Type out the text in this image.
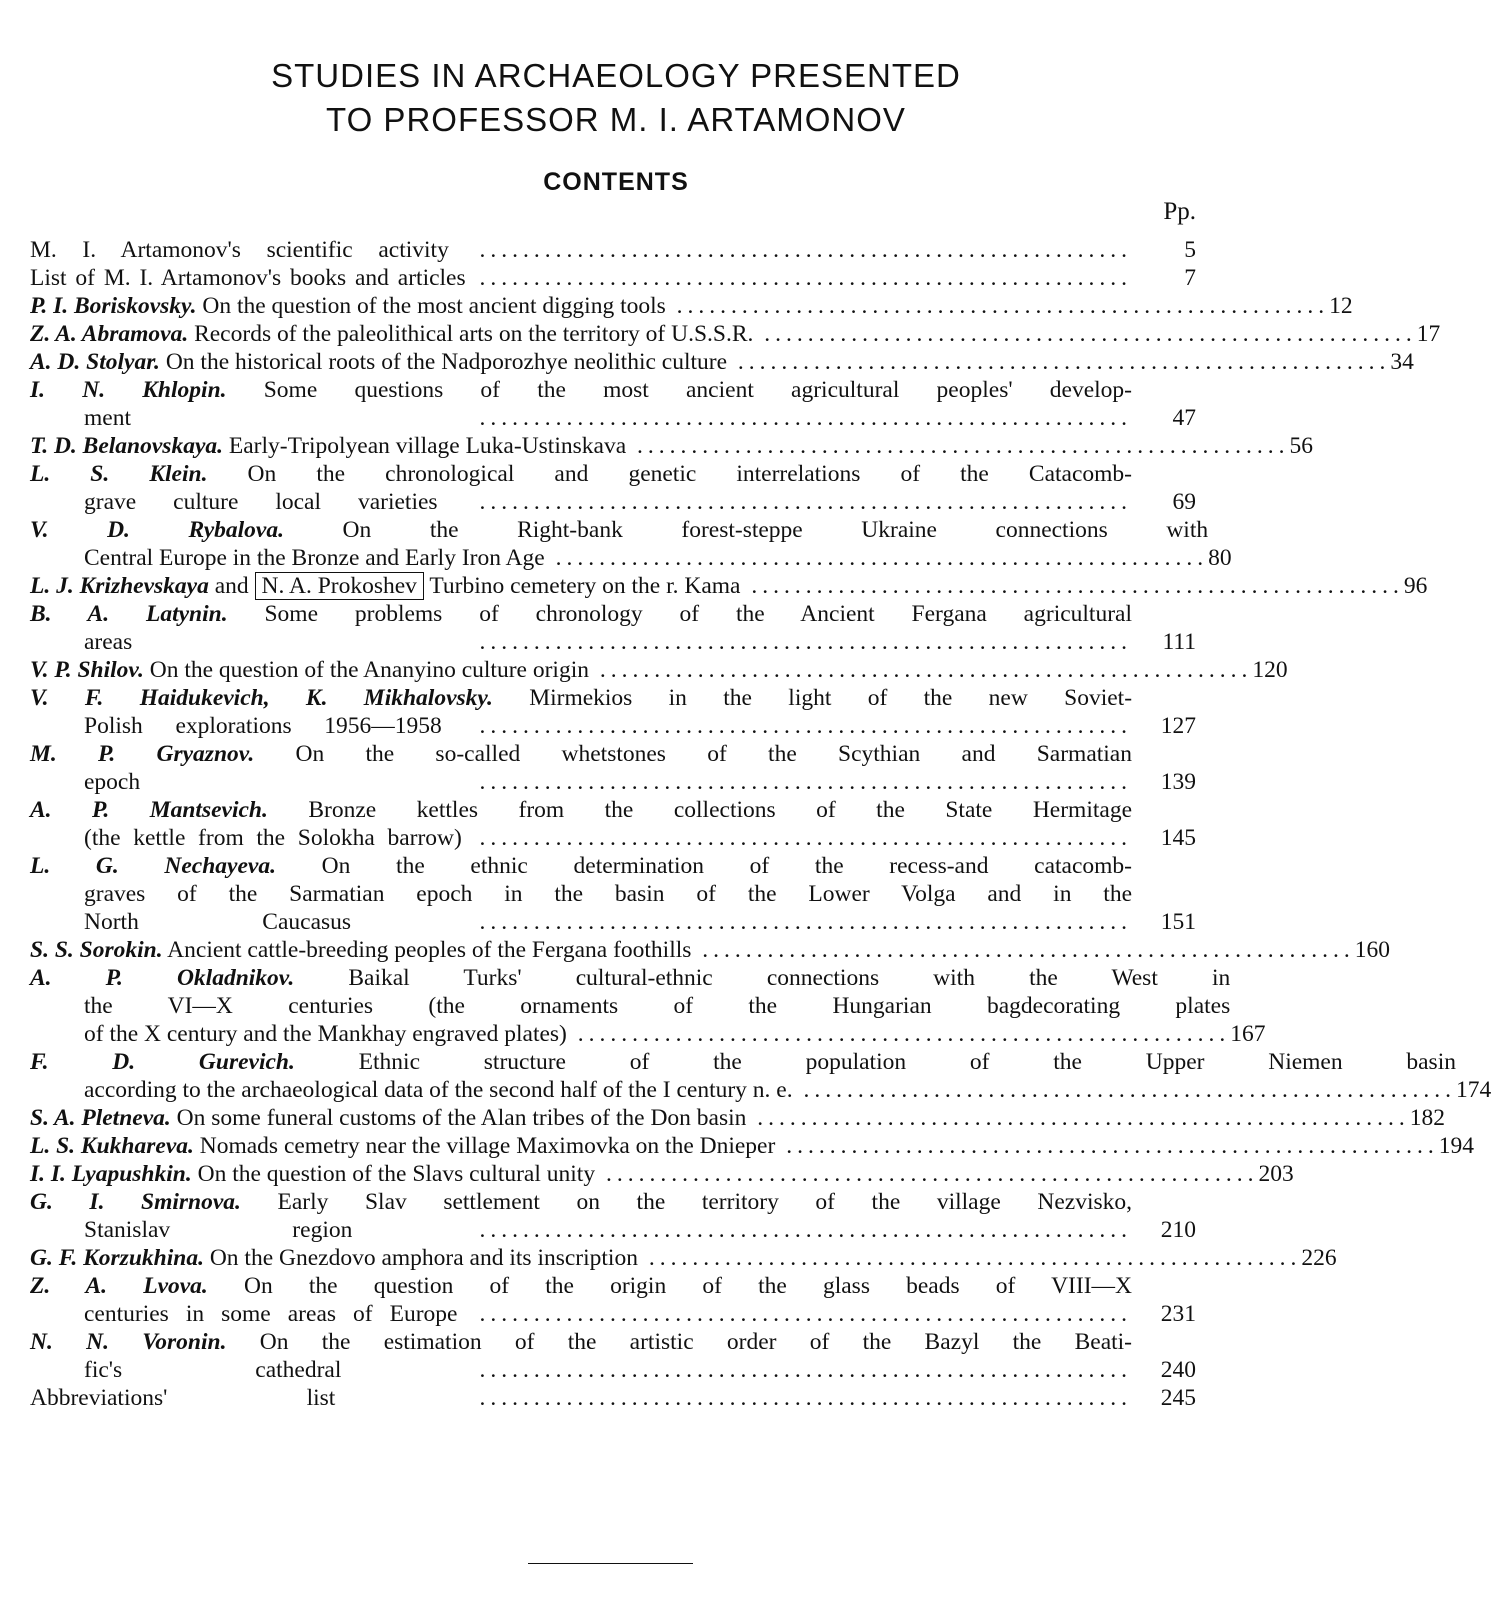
STUDIES IN ARCHAEOLOGY PRESENTED
TO PROFESSOR M. I. ARTAMONOV
CONTENTS
Pp.
M. I. Artamonov's scientific activity ............................................................	5
List of M. I. Artamonov's books and articles ............................................................	7
P. I. Boriskovsky. On the question of the most ancient digging tools ............................................................ 12
Z. A. Abramova. Records of the paleolithical arts on the territory of U.S.S.R. ............................................................ 17
A. D. Stolyar. On the historical roots of the Nadporozhye neolithic culture ............................................................ 34
I. N. Khlopin. Some questions of the most ancient agricultural peoples' develop-
ment ............................................................	47
T. D. Belanovskaya. Early-Tripolyean village Luka-Ustinskava ............................................................ 56
L. S. Klein. On the chronological and genetic interrelations of the Catacomb-
grave culture local varieties ............................................................	69
V. D. Rybalova. On the Right-bank forest-steppe Ukraine connections with
Central Europe in the Bronze and Early Iron Age ............................................................ 80
L. J. Krizhevskaya and N. A. Prokoshev Turbino cemetery on the r. Kama ............................................................ 96
B. A. Latynin. Some problems of chronology of the Ancient Fergana agricultural
areas ............................................................	111
V. P. Shilov. On the question of the Ananyino culture origin ............................................................ 120
V. F. Haidukevich, K. Mikhalovsky. Mirmekios in the light of the new Soviet-
Polish explorations 1956—1958 ............................................................	127
M. P. Gryaznov. On the so-called whetstones of the Scythian and Sarmatian
epoch ............................................................	139
A. P. Mantsevich. Bronze kettles from the collections of the State Hermitage
(the kettle from the Solokha barrow) ............................................................	145
L. G. Nechayeva. On the ethnic determination of the recess-and catacomb-
graves of the Sarmatian epoch in the basin of the Lower Volga and in the
North Caucasus ............................................................	151
S. S. Sorokin. Ancient cattle-breeding peoples of the Fergana foothills ............................................................ 160
A. P. Okladnikov. Baikal Turks' cultural-ethnic connections with the West in
the VI—X centuries (the ornaments of the Hungarian bagdecorating plates
of the X century and the Mankhay engraved plates) ............................................................ 167
F. D. Gurevich.	Ethnic structure of the population of the Upper Niemen basin
according to the archaeological data of the second half of the I century n. e. ............................................................ 174
S. A. Pletneva. On some funeral customs of the Alan tribes of the Don basin ............................................................ 182
L. S. Kukhareva. Nomads cemetry near the village Maximovka on the Dnieper ............................................................ 194
I. I. Lyapushkin. On the question of the Slavs cultural unity ............................................................ 203
G. I. Smirnova. Early Slav settlement on the territory of the village Nezvisko,
Stanislav region ............................................................	210
G. F. Korzukhina. On the Gnezdovo amphora and its inscription ............................................................ 226
Z. A. Lvova. On the question of the origin of the glass beads of VIII—X
centuries in some areas of Europe ............................................................	231
N. N. Voronin. On the estimation of the artistic order of the Bazyl the Beati-
fic's cathedral ............................................................	240
Abbreviations' list ............................................................	245
